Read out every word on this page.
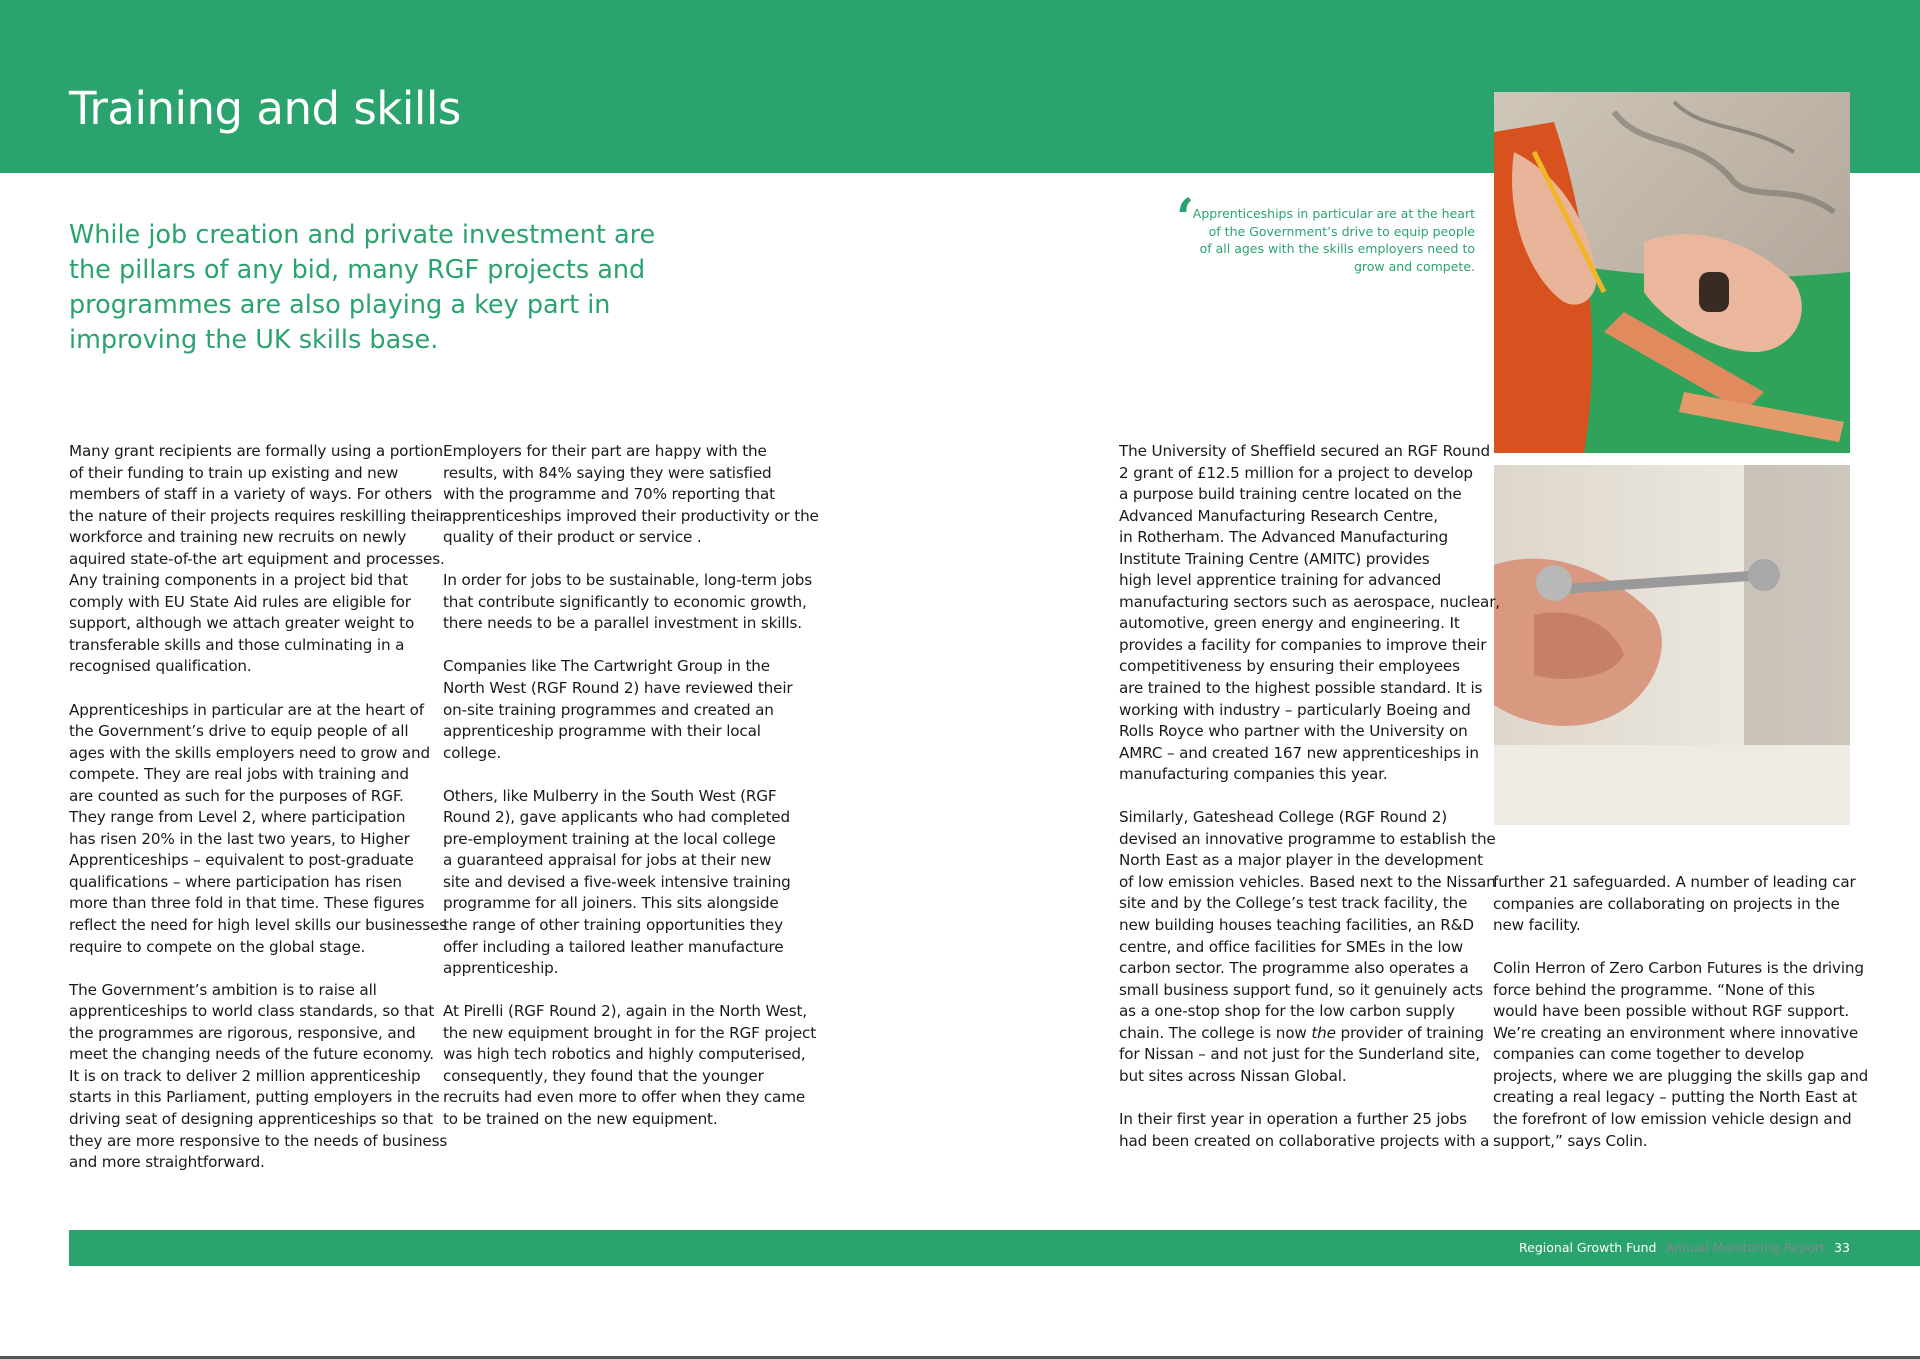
Training and skills

While job creation and private investment are

the pillars of any bid, many RGF projects and

programmes are also playing a key part in

improving the UK skills base.

‘
Apprenticeships in particular are at the heart
of the Government’s drive to equip people
of all ages with the skills employers need to
grow and compete.
Many grant recipients are formally using a portion
of their funding to train up existing and new
members of staff in a variety of ways. For others
the nature of their projects requires reskilling their
workforce and training new recruits on newly
aquired state-of-the art equipment and processes.
Any training components in a project bid that
comply with EU State Aid rules are eligible for
support, although we attach greater weight to
transferable skills and those culminating in a
recognised qualification.
Apprenticeships in particular are at the heart of
the Government’s drive to equip people of all
ages with the skills employers need to grow and
compete. They are real jobs with training and
are counted as such for the purposes of RGF.
They range from Level 2, where participation
has risen 20% in the last two years, to Higher
Apprenticeships – equivalent to post-graduate
qualifications – where participation has risen
more than three fold in that time. These figures
reflect the need for high level skills our businesses
require to compete on the global stage.
The Government’s ambition is to raise all
apprenticeships to world class standards, so that
the programmes are rigorous, responsive, and
meet the changing needs of the future economy.
It is on track to deliver 2 million apprenticeship
starts in this Parliament, putting employers in the
driving seat of designing apprenticeships so that
they are more responsive to the needs of business
and more straightforward.
Employers for their part are happy with the
results, with 84% saying they were satisfied
with the programme and 70% reporting that
apprenticeships improved their productivity or the
quality of their product or service .
In order for jobs to be sustainable, long-term jobs
that contribute significantly to economic growth,
there needs to be a parallel investment in skills.
Companies like The Cartwright Group in the
North West (RGF Round 2) have reviewed their
on-site training programmes and created an
apprenticeship programme with their local
college.
Others, like Mulberry in the South West (RGF
Round 2), gave applicants who had completed
pre-employment training at the local college
a guaranteed appraisal for jobs at their new
site and devised a five-week intensive training
programme for all joiners. This sits alongside
the range of other training opportunities they
offer including a tailored leather manufacture
apprenticeship.
At Pirelli (RGF Round 2), again in the North West,
the new equipment brought in for the RGF project
was high tech robotics and highly computerised,
consequently, they found that the younger
recruits had even more to offer when they came
to be trained on the new equipment.
The University of Sheffield secured an RGF Round
2 grant of £12.5 million for a project to develop
a purpose build training centre located on the
Advanced Manufacturing Research Centre,
in Rotherham. The Advanced Manufacturing
Institute Training Centre (AMITC) provides
high level apprentice training for advanced
manufacturing sectors such as aerospace, nuclear,
automotive, green energy and engineering. It
provides a facility for companies to improve their
competitiveness by ensuring their employees
are trained to the highest possible standard. It is
working with industry – particularly Boeing and
Rolls Royce who partner with the University on
AMRC – and created 167 new apprenticeships in
manufacturing companies this year.
Similarly, Gateshead College (RGF Round 2)
devised an innovative programme to establish the
North East as a major player in the development
of low emission vehicles. Based next to the Nissan
site and by the College’s test track facility, the
new building houses teaching facilities, an R&D
centre, and office facilities for SMEs in the low
carbon sector. The programme also operates a
small business support fund, so it genuinely acts
as a one-stop shop for the low carbon supply
chain. The college is now the provider of training
for Nissan – and not just for the Sunderland site,
but sites across Nissan Global.
In their first year in operation a further 25 jobs
had been created on collaborative projects with a
further 21 safeguarded. A number of leading car
companies are collaborating on projects in the
new facility.
Colin Herron of Zero Carbon Futures is the driving
force behind the programme. “None of this
would have been possible without RGF support.
We’re creating an environment where innovative
companies can come together to develop
projects, where we are plugging the skills gap and
creating a real legacy – putting the North East at
the forefront of low emission vehicle design and
support,” says Colin.
Regional Growth Fund Annual Monitoring Report 33
